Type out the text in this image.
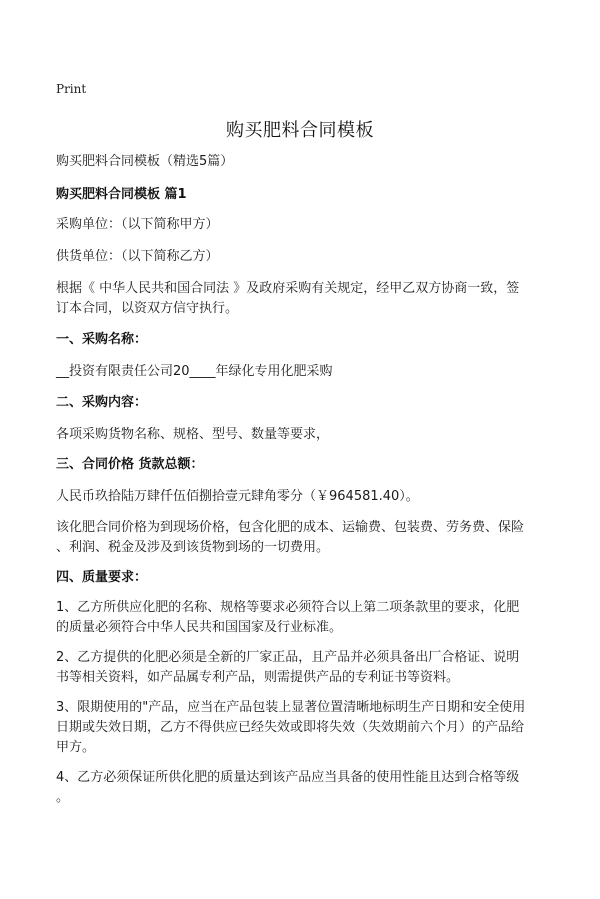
Print
购买肥料合同模板

购买肥料合同模板（精选5篇）

购买肥料合同模板 篇1

采购单位：（以下简称甲方）

供货单位：（以下简称乙方）

根据《 中华人民共和国合同法 》及政府采购有关规定，经甲乙双方协商一致，签

订本合同，以资双方信守执行。

一、采购名称：

__投资有限责任公司20____年绿化专用化肥采购

二、采购内容：

各项采购货物名称、规格、型号、数量等要求，

三、合同价格 货款总额：

人民币玖拾陆万肆仟伍佰捌拾壹元肆角零分（￥964581.40）。

该化肥合同价格为到现场价格，包含化肥的成本、运输费、包装费、劳务费、保险

、利润、税金及涉及到该货物到场的一切费用。

四、质量要求：

1、乙方所供应化肥的名称、规格等要求必须符合以上第二项条款里的要求，化肥

的质量必须符合中华人民共和国国家及行业标准。

2、乙方提供的化肥必须是全新的厂家正品，且产品并必须具备出厂合格证、说明

书等相关资料，如产品属专利产品，则需提供产品的专利证书等资料。

3、限期使用的"产品，应当在产品包装上显著位置清晰地标明生产日期和安全使用

日期或失效日期，乙方不得供应已经失效或即将失效（失效期前六个月）的产品给

甲方。

4、乙方必须保证所供化肥的质量达到该产品应当具备的使用性能且达到合格等级

。
